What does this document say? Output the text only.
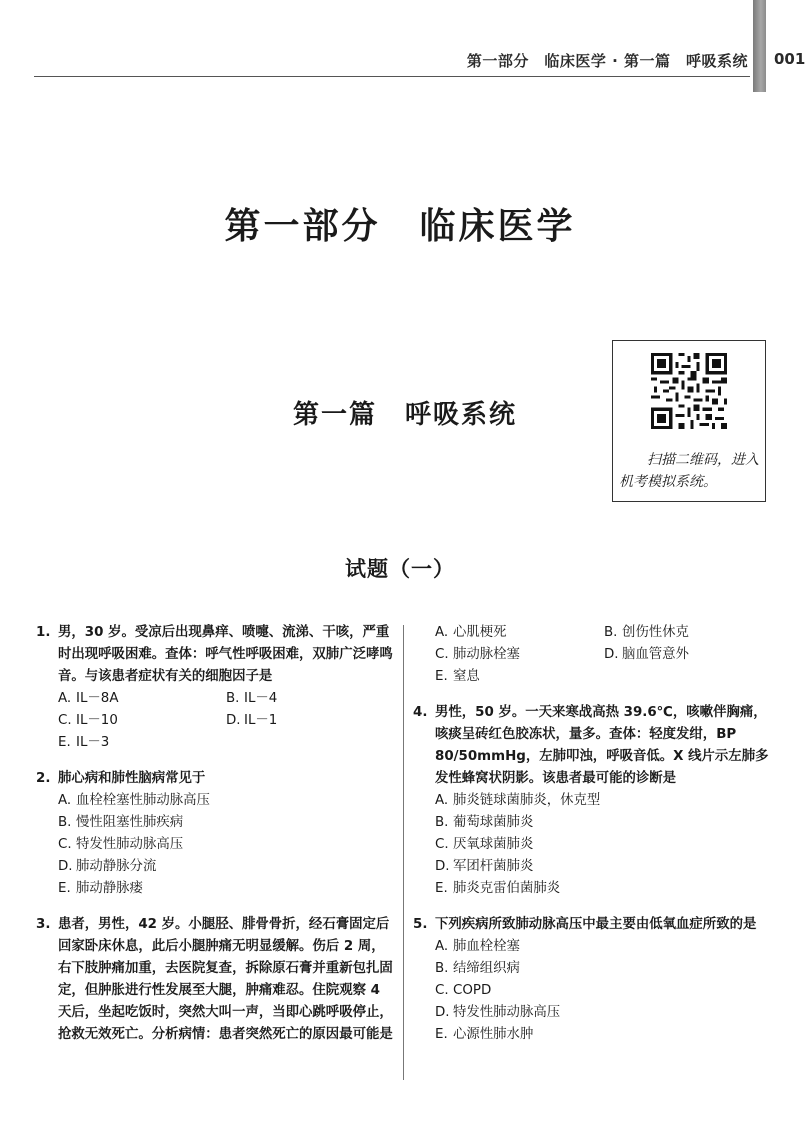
第一部分　临床医学 · 第一篇　呼吸系统 001
第一部分　临床医学
第一篇　呼吸系统
扫描二维码，进入机考模拟系统。
试题（一）
1. 男，30 岁。受凉后出现鼻痒、喷嚏、流涕、干咳，严重时出现呼吸困难。查体：呼气性呼吸困难，双肺广泛哮鸣音。与该患者症状有关的细胞因子是
A. IL－8A	B. IL－4
C. IL－10	D. IL－1
E. IL－3
2. 肺心病和肺性脑病常见于
A. 血栓栓塞性肺动脉高压
B. 慢性阻塞性肺疾病
C. 特发性肺动脉高压
D. 肺动静脉分流
E. 肺动静脉瘘
3. 患者，男性，42 岁。小腿胫、腓骨骨折，经石膏固定后回家卧床休息，此后小腿肿痛无明显缓解。伤后 2 周，右下肢肿痛加重，去医院复查，拆除原石膏并重新包扎固定，但肿胀进行性发展至大腿，肿痛难忍。住院观察 4 天后，坐起吃饭时，突然大叫一声，当即心跳呼吸停止，抢救无效死亡。分析病情：患者突然死亡的原因最可能是
A. 心肌梗死	B. 创伤性休克
C. 肺动脉栓塞	D. 脑血管意外
E. 窒息
4. 男性，50 岁。一天来寒战高热 39.6℃，咳嗽伴胸痛，咳痰呈砖红色胶冻状，量多。查体：轻度发绀，BP 80/50mmHg，左肺叩浊，呼吸音低。X 线片示左肺多发性蜂窝状阴影。该患者最可能的诊断是
A. 肺炎链球菌肺炎，休克型
B. 葡萄球菌肺炎
C. 厌氧球菌肺炎
D. 军团杆菌肺炎
E. 肺炎克雷伯菌肺炎
5. 下列疾病所致肺动脉高压中最主要由低氧血症所致的是
A. 肺血栓栓塞
B. 结缔组织病
C. COPD
D. 特发性肺动脉高压
E. 心源性肺水肿
